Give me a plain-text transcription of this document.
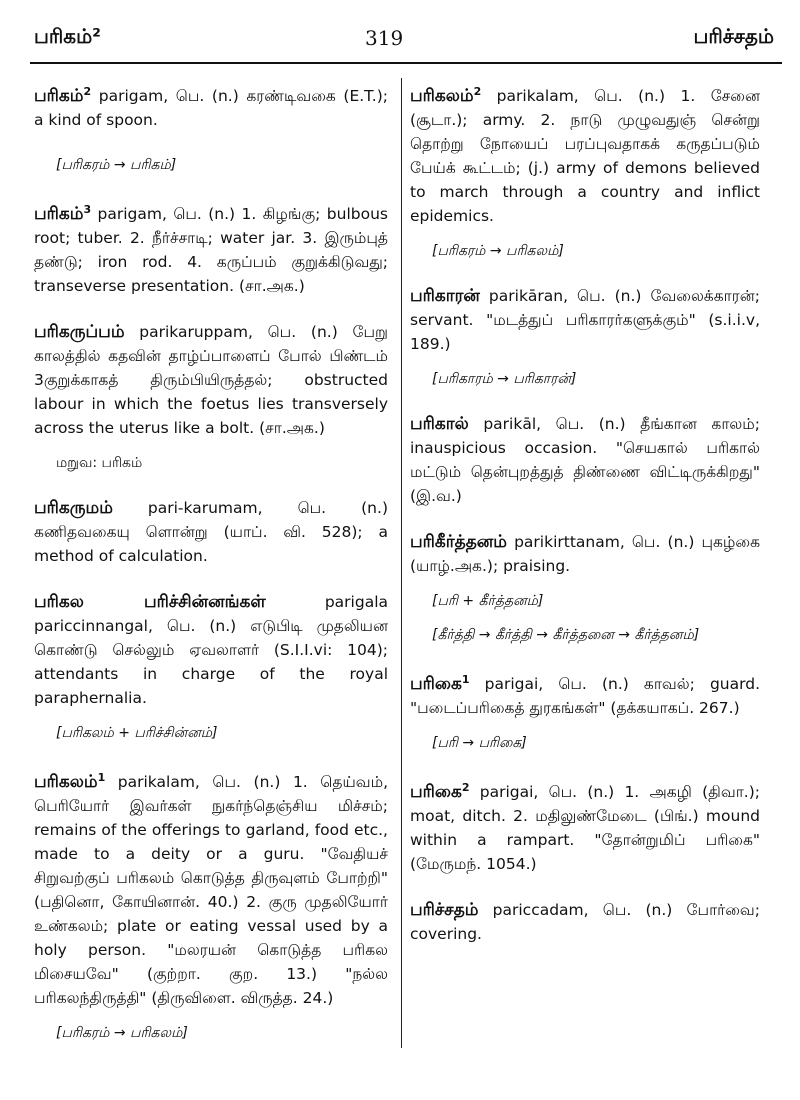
பரிகம்²	319	பரிச்சதம்
பரிகம்$^2$ parigam, பெ. (n.) கரண்டிவகை (E.T.); a kind of spoon.
[பரிகரம் → பரிகம்]
பரிகம்$^3$ parigam, பெ. (n.) 1. கிழங்கு; bulbous root; tuber. 2. நீர்ச்சாடி; water jar. 3. இரும்புத் தண்டு; iron rod. 4. கருப்பம் குறுக்கிடுவது; transeverse presentation. (சா.அக.)
பரிகருப்பம் parikaruppam, பெ. (n.) பேறு காலத்தில் கதவின் தாழ்ப்பாளைப் போல் பிண்டம் 3குறுக்காகத் திரும்பியிருத்தல்; obstructed labour in which the foetus lies transversely across the uterus like a bolt. (சா.அக.)
மறுவ: பரிகம்
பரிகருமம் pari-karumam, பெ. (n.) கணிதவகையு ளொன்று (யாப். வி. 528); a method of calculation.
பரிகல பரிச்சின்னங்கள் parigala pariccinnangal, பெ. (n.) எடுபிடி முதலியன கொண்டு செல்லும் ஏவலாளர் (S.I.I.vi: 104); attendants in charge of the royal paraphernalia.
[பரிகலம் + பரிச்சின்னம்]
பரிகலம்$^1$ parikalam, பெ. (n.) 1. தெய்வம், பெரியோர் இவர்கள் நுகர்ந்தெஞ்சிய மிச்சம்; remains of the offerings to garland, food etc., made to a deity or a guru. "வேதியச் சிறுவற்குப் பரிகலம் கொடுத்த திருவுளம் போற்றி" (பதினொ, கோயினான். 40.) 2. குரு முதலியோர் உண்கலம்; plate or eating vessal used by a holy person. "மலரயன் கொடுத்த பரிகல மிசையவே" (குற்றா. குற. 13.) "நல்ல பரிகலந்திருத்தி" (திருவிளை. விருத்த. 24.)
[பரிகரம் → பரிகலம்]
பரிகலம்$^2$ parikalam, பெ. (n.) 1. சேனை (சூடா.); army. 2. நாடு முழுவதுஞ் சென்று தொற்று நோயைப் பரப்புவதாகக் கருதப்படும் பேய்க் கூட்டம்; (j.) army of demons believed to march through a country and inflict epidemics.
[பரிகரம் → பரிகலம்]
பரிகாரன் parikāran, பெ. (n.) வேலைக்காரன்; servant. "மடத்துப் பரிகாரர்களுக்கும்" (s.i.i.v, 189.)
[பரிகாரம் → பரிகாரன்]
பரிகால் parikāl, பெ. (n.) தீங்கான காலம்; inauspicious occasion. "செயகால் பரிகால் மட்டும் தென்புறத்துத் திண்ணை விட்டிருக்கிறது" (இ.வ.)
பரிகீர்த்தனம் parikirttanam, பெ. (n.) புகழ்கை (யாழ்.அக.); praising.
[பரி + கீர்த்தனம்]
[கீர்த்தி → கீர்த்தி → கீர்த்தனை → கீர்த்தனம்]
பரிகை$^1$ parigai, பெ. (n.) காவல்; guard. "படைப்பரிகைத் துரகங்கள்" (தக்கயாகப். 267.)
[பரி → பரிகை]
பரிகை$^2$ parigai, பெ. (n.) 1. அகழி (திவா.); moat, ditch. 2. மதிலுண்மேடை (பிங்.) mound within a rampart. "தோன்றுமிப் பரிகை" (மேருமந். 1054.)
பரிச்சதம் pariccadam, பெ. (n.) போர்வை; covering.
